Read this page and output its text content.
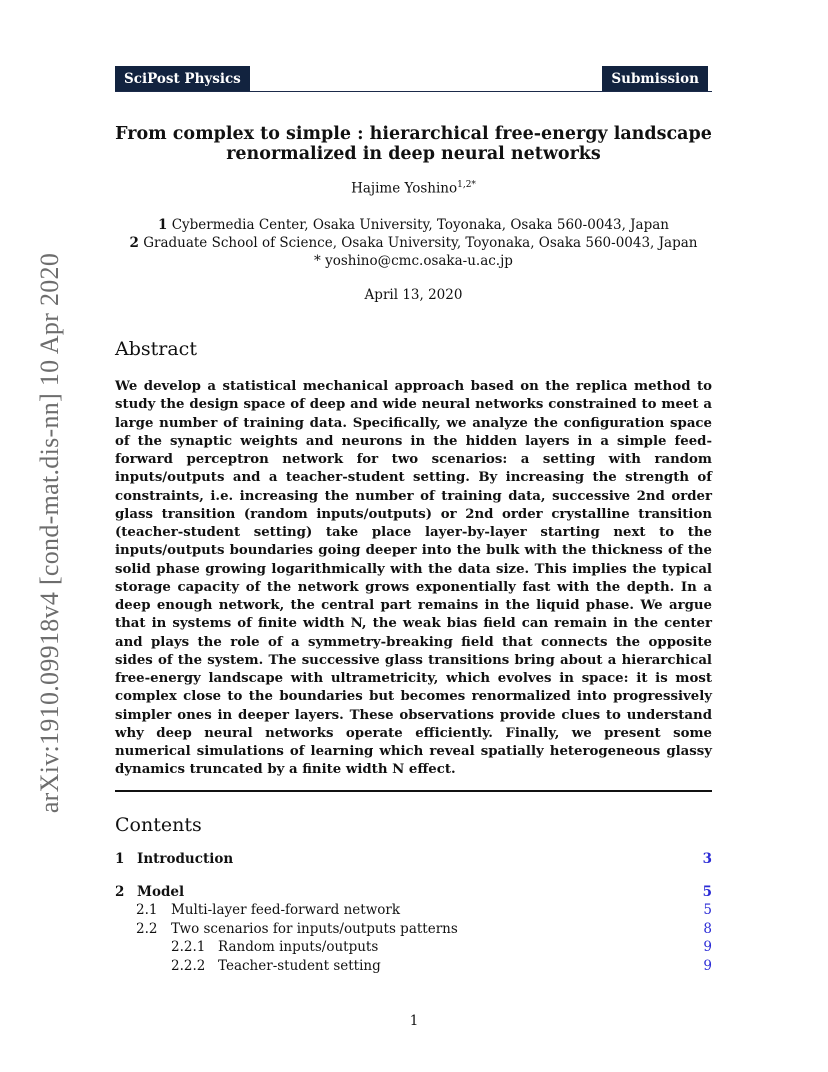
arXiv:1910.09918v4 [cond-mat.dis-nn] 10 Apr 2020
SciPost Physics	Submission
From complex to simple : hierarchical free-energy landscape
renormalized in deep neural networks
Hajime Yoshino$^{1,2*}$
1 Cybermedia Center, Osaka University, Toyonaka, Osaka 560-0043, Japan
2 Graduate School of Science, Osaka University, Toyonaka, Osaka 560-0043, Japan
* yoshino@cmc.osaka-u.ac.jp
April 13, 2020
Abstract
We develop a statistical mechanical approach based on the replica method to study the design space of deep and wide neural networks constrained to meet a large number of training data. Specifically, we analyze the configuration space of the synaptic weights and neurons in the hidden layers in a simple feed-forward perceptron network for two scenarios: a setting with random inputs/outputs and a teacher-student setting. By increasing the strength of constraints, i.e. increasing the number of training data, successive 2nd order glass transition (random inputs/outputs) or 2nd order crystalline transition (teacher-student setting) take place layer-by-layer starting next to the inputs/outputs boundaries going deeper into the bulk with the thickness of the solid phase growing logarithmically with the data size. This implies the typical storage capacity of the network grows exponentially fast with the depth. In a deep enough network, the central part remains in the liquid phase. We argue that in systems of finite width N, the weak bias field can remain in the center and plays the role of a symmetry-breaking field that connects the opposite sides of the system. The successive glass transitions bring about a hierarchical free-energy landscape with ultrametricity, which evolves in space: it is most complex close to the boundaries but becomes renormalized into progressively simpler ones in deeper layers. These observations provide clues to understand why deep neural networks operate efficiently. Finally, we present some numerical simulations of learning which reveal spatially heterogeneous glassy dynamics truncated by a finite width N effect.
Contents
1 Introduction	3
2 Model	5
2.1 Multi-layer feed-forward network	5
2.2 Two scenarios for inputs/outputs patterns	8
2.2.1 Random inputs/outputs	9
2.2.2 Teacher-student setting	9
1
